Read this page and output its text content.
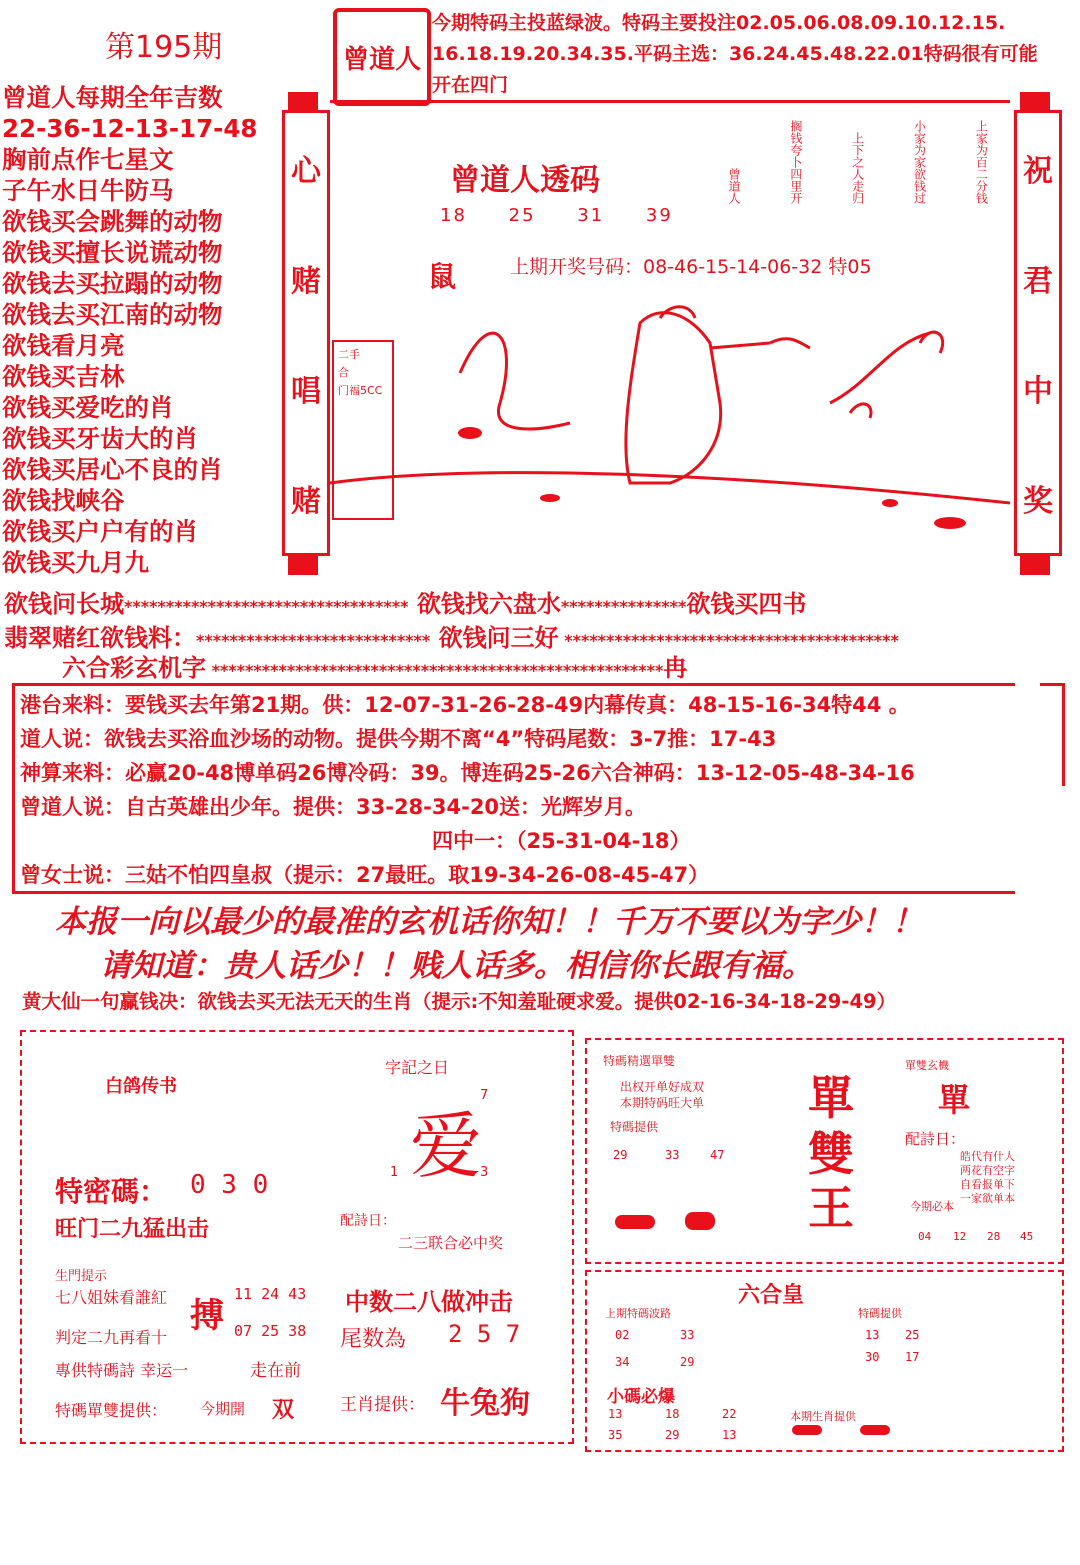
第195期	曾道人
今期特码主投蓝绿波。特码主要投注02.05.06.08.09.10.12.15.
16.18.19.20.34.35.平码主选：36.24.45.48.22.01特码很有可能
开在四门
曾道人每期全年吉数
22-36-12-13-17-48
胸前点作七星文
子午水日牛防马
欲钱买会跳舞的动物
欲钱买擅长说谎动物
欲钱去买拉蹋的动物
欲钱去买江南的动物
欲钱看月亮
欲钱买吉林
欲钱买爱吃的肖
欲钱买牙齿大的肖
欲钱买居心不良的肖
欲钱找峡谷
欲钱买户户有的肖
欲钱买九月九
曾道人透码
18 25 31 39
鼠	上期开奖号码：08-46-15-14-06-32 特05
曾道人	搁钱夸卜四里开	上下之人走归	小家为家欲钱过	上家为百二分钱
二手
合
门福5CC
心
赌
唱
赌
祝
君
中
奖
欲钱问长城********************************** 欲钱找六盘水***************欲钱买四书
翡翠赌红欲钱料：**************************** 欲钱问三好 ****************************************
六合彩玄机字 ******************************************************冉
港台来料：要钱买去年第21期。供：12-07-31-26-28-49内幕传真：48-15-16-34特44 。
道人说：欲钱去买浴血沙场的动物。提供今期不离“4”特码尾数：3-7推：17-43
神算来料：必赢20-48博单码26博冷码：39。博连码25-26六合神码：13-12-05-48-34-16
曾道人说：自古英雄出少年。提供：33-28-34-20送：光辉岁月。
四中一：（25-31-04-18）
曾女士说：三姑不怕四皇叔（提示：27最旺。取19-34-26-08-45-47）
本报一向以最少的最准的玄机话你知！！千万不要以为字少！！
请知道：贵人话少！！贱人话多。相信你长跟有福。
黄大仙一句赢钱决：欲钱去买无法无天的生肖（提示:不知羞耻硬求爱。提供02-16-34-18-29-49）
白鸽传书
字記之日
爱
7
1	3
特密碼： 0 3 0
旺门二九猛出击	配詩日：
二三联合必中奖
生門提示
七八姐妹看誰紅
判定二九再看十
專供特碼詩 幸运一
搏
11 24 43
07 25 38
走在前
特碼單雙提供： 今期開 双
中数二八做冲击
尾数為 2 5 7
王肖提供： 牛兔狗
特碼精選單雙
出权开单好成双
本期特码旺大单
特碼提供
29	33	47
單
雙
王
單雙玄機
單
配詩日：
皓代有什人
两花有空字
自看报单下
一家欲单本
今期必本
04 12 28 45
六合皇
上期特碼波路
02	33
34	29
小碼必爆
13	18	22
35	29	13
特碼提供
13 25
30 17
本期生肖提供
